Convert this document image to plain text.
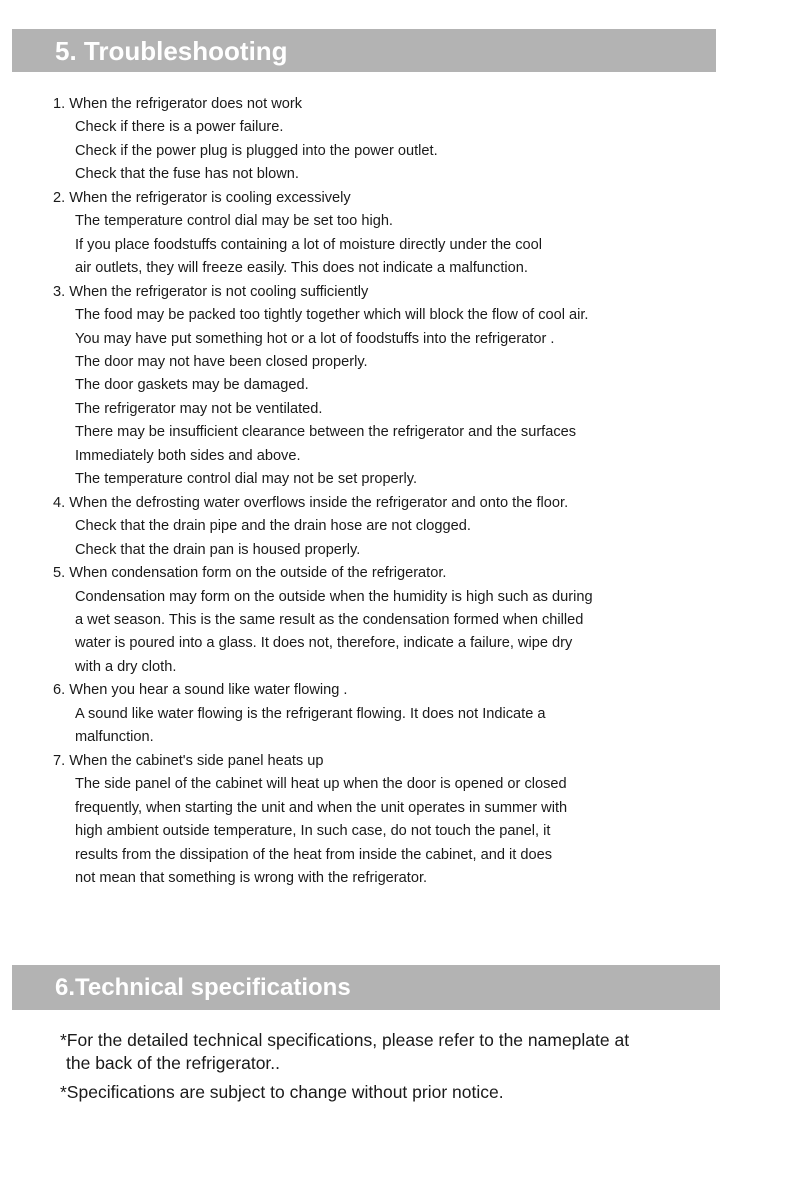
5. Troubleshooting
1. When the refrigerator does not work
Check if there is a power failure.
Check if the power plug is plugged into the power outlet.
Check that the fuse has not blown.
2. When the refrigerator is cooling excessively
The temperature control dial may be set too high.
If you place foodstuffs containing a lot of moisture directly under the cool
air outlets, they will freeze easily. This does not indicate a malfunction.
3. When the refrigerator is not cooling sufficiently
The food may be packed too tightly together which will block the flow of cool air.
You may have put something hot or a lot of foodstuffs into the refrigerator .
The door may not have been closed properly.
The door gaskets may be damaged.
The refrigerator may not be ventilated.
There may be insufficient clearance between the refrigerator and the surfaces
Immediately both sides and above.
The temperature control dial may not be set properly.
4. When the defrosting water overflows inside the refrigerator and onto the floor.
Check that the drain pipe and the drain hose are not clogged.
Check that the drain pan is housed properly.
5. When condensation form on the outside of the refrigerator.
Condensation may form on the outside when the humidity is high such as during
a wet season. This is the same result as the condensation formed when chilled
water is poured into a glass. It does not, therefore, indicate a failure, wipe dry
with a dry cloth.
6. When you hear a sound like water flowing .
A sound like water flowing is the refrigerant flowing. It does not Indicate a
malfunction.
7. When the cabinet's side panel heats up
The side panel of the cabinet will heat up when the door is opened or closed
frequently, when starting the unit and when the unit operates in summer with
high ambient outside temperature, In such case, do not touch the panel, it
results from the dissipation of the heat from inside the cabinet, and it does
not mean that something is wrong with the refrigerator.
6.Technical specifications
*For the detailed technical specifications, please refer to the nameplate at
the back of the refrigerator..
*Specifications are subject to change without prior notice.
